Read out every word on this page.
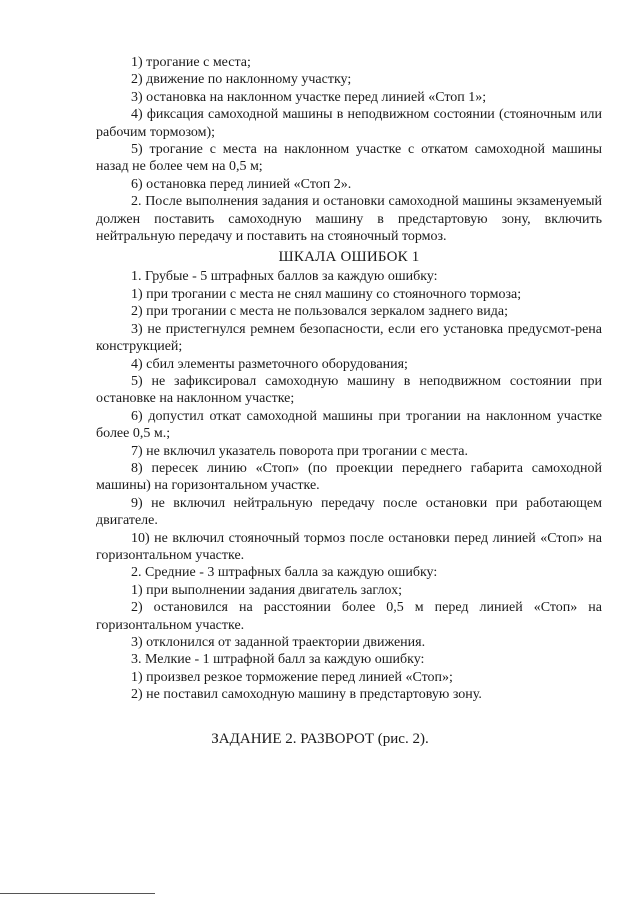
1) трогание с места;

2) движение по наклонному участку;

3) остановка на наклонном участке перед линией «Стоп 1»;

4) фиксация самоходной машины в неподвижном состоянии (стояночным или рабочим тормозом);

5) трогание с места на наклонном участке с откатом самоходной машины назад не более чем на 0,5 м;

6) остановка перед линией «Стоп 2».

2. После выполнения задания и остановки самоходной машины экзаменуемый должен поставить самоходную машину в предстартовую зону, включить нейтральную передачу и поставить на стояночный тормоз.

ШКАЛА ОШИБОК 1

1. Грубые - 5 штрафных баллов за каждую ошибку:

1) при трогании с места не снял машину со стояночного тормоза;

2) при трогании с места не пользовался зеркалом заднего вида;

3) не пристегнулся ремнем безопасности, если его установка предусмот-рена конструкцией;

4) сбил элементы разметочного оборудования;

5) не зафиксировал самоходную машину в неподвижном состоянии при остановке на наклонном участке;

6) допустил откат самоходной машины при трогании на наклонном участке более 0,5 м.;

7) не включил указатель поворота при трогании с места.

8) пересек линию «Стоп» (по проекции переднего габарита самоходной машины) на горизонтальном участке.

9) не включил нейтральную передачу после остановки при работающем двигателе.

10) не включил стояночный тормоз после остановки перед линией «Стоп» на горизонтальном участке.

2. Средние - 3 штрафных балла за каждую ошибку:

1) при выполнении задания двигатель заглох;

2) остановился на расстоянии более 0,5 м перед линией «Стоп» на горизонтальном участке.

3) отклонился от заданной траектории движения.

3. Мелкие - 1 штрафной балл за каждую ошибку:

1) произвел резкое торможение перед линией «Стоп»;

2) не поставил самоходную машину в предстартовую зону.

ЗАДАНИЕ 2. РАЗВОРОТ (рис. 2).
